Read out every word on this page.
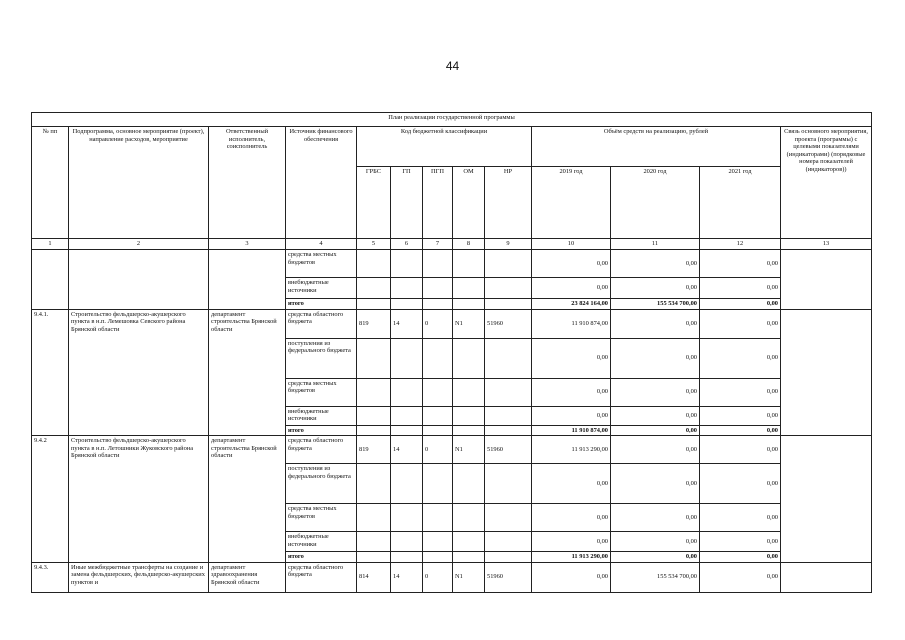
44
План реализации государственной программы												
№ пп	Подпрограмма, основное мероприятие (проект), направление расходов, мероприятие	Ответственный исполнитель, соисполнитель	Источник финансового обеспечения	Код бюджетной классификации					Объём средств на реализацию, рублей			Связь основного мероприятия, проекта (программы) с целевыми показателями (индикаторами) (порядковые номера показателей (индикаторов))
				ГРБС	ГП	ПГП	ОМ	НР	2019 год	2020 год	2021 год	
1	2	3	4	5	6	7	8	9	10	11	12	13
			средства местных бюджетов						0,00	0,00	0,00	
			внебюджетные источники						0,00	0,00	0,00	
			итого						23 824 164,00	155 534 700,00	0,00	
9.4.1.	Строительство фельдшерско-акушерского пункта в н.п. Лемешовка Севского района Брянской области	департамент строительства Брянской области	средства областного бюджета	819	14	0	N1	51960	11 910 874,00	0,00	0,00	
			поступления из федерального бюджета						0,00	0,00	0,00	
			средства местных бюджетов						0,00	0,00	0,00	
			внебюджетные источники						0,00	0,00	0,00	
			итого						11 910 874,00	0,00	0,00	
9.4.2	Строительство фельдшерско-акушерского пункта в н.п. Летошники Жуковского района Брянской области	департамент строительства Брянской области	средства областного бюджета	819	14	0	N1	51960	11 913 290,00	0,00	0,00	
			поступления из федерального бюджета						0,00	0,00	0,00	
			средства местных бюджетов						0,00	0,00	0,00	
			внебюджетные источники						0,00	0,00	0,00	
			итого						11 913 290,00	0,00	0,00	
9.4.3.	Иные межбюджетные трансферты на создание и замена фельдшерских, фельдшерско-акушерских пунктов и	департамент здравоохранения Брянской области	средства областного бюджета	814	14	0	N1	51960	0,00	155 534 700,00	0,00	
